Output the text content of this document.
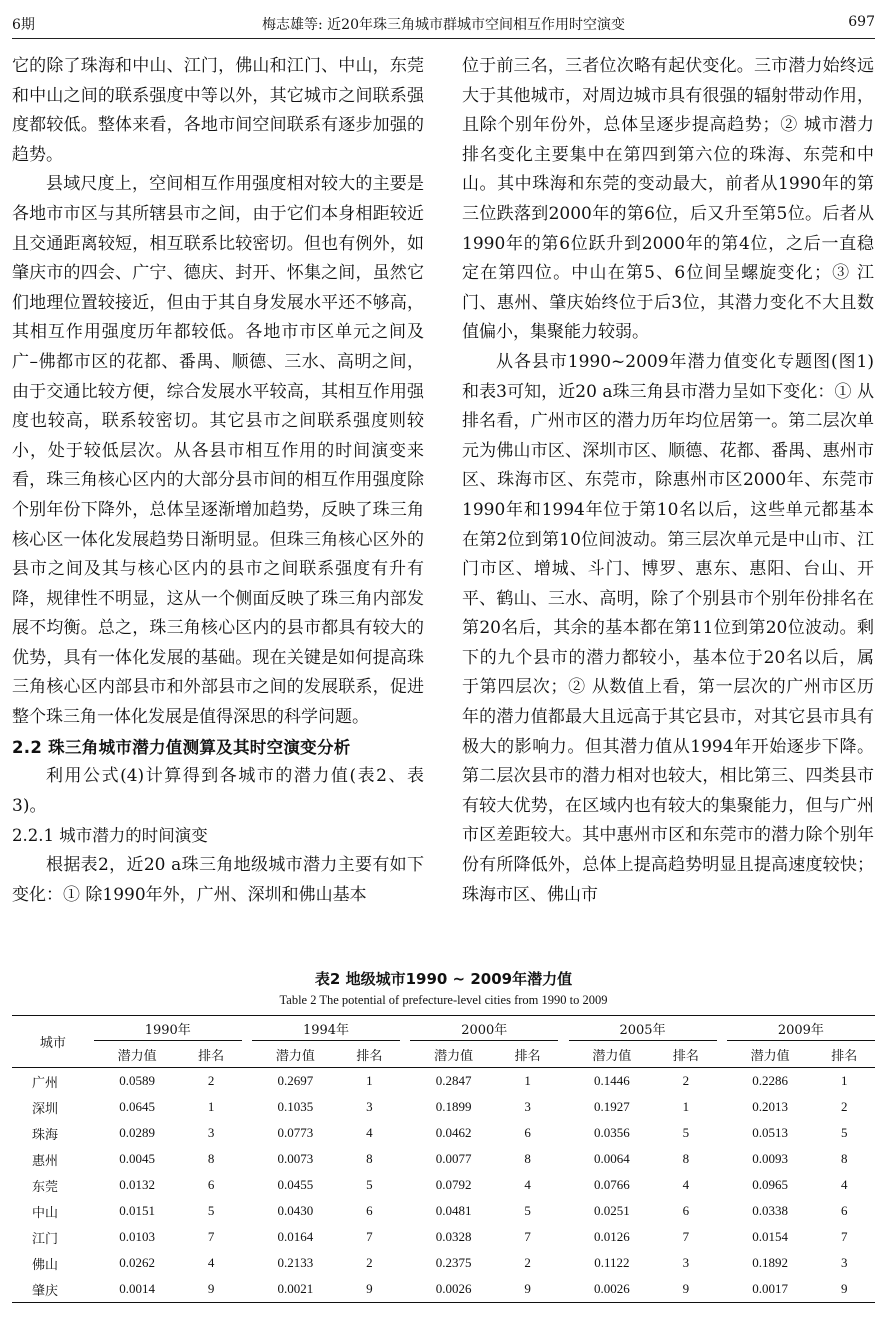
6期	梅志雄等: 近20年珠三角城市群城市空间相互作用时空演变	697

它的除了珠海和中山、江门，佛山和江门、中山，东莞和中山之间的联系强度中等以外，其它城市之间联系强度都较低。整体来看，各地市间空间联系有逐步加强的趋势。

县域尺度上，空间相互作用强度相对较大的主要是各地市市区与其所辖县市之间，由于它们本身相距较近且交通距离较短，相互联系比较密切。但也有例外，如肇庆市的四会、广宁、德庆、封开、怀集之间，虽然它们地理位置较接近，但由于其自身发展水平还不够高，其相互作用强度历年都较低。各地市市区单元之间及广–佛都市区的花都、番禺、顺德、三水、高明之间，由于交通比较方便，综合发展水平较高，其相互作用强度也较高，联系较密切。其它县市之间联系强度则较小，处于较低层次。从各县市相互作用的时间演变来看，珠三角核心区内的大部分县市间的相互作用强度除个别年份下降外，总体呈逐渐增加趋势，反映了珠三角核心区一体化发展趋势日渐明显。但珠三角核心区外的县市之间及其与核心区内的县市之间联系强度有升有降，规律性不明显，这从一个侧面反映了珠三角内部发展不均衡。总之，珠三角核心区内的县市都具有较大的优势，具有一体化发展的基础。现在关键是如何提高珠三角核心区内部县市和外部县市之间的发展联系，促进整个珠三角一体化发展是值得深思的科学问题。

2.2 珠三角城市潜力值测算及其时空演变分析

利用公式(4)计算得到各城市的潜力值(表2、表3)。

2.2.1 城市潜力的时间演变

根据表2，近20 a珠三角地级城市潜力主要有如下变化：① 除1990年外，广州、深圳和佛山基本

位于前三名，三者位次略有起伏变化。三市潜力始终远大于其他城市，对周边城市具有很强的辐射带动作用，且除个别年份外，总体呈逐步提高趋势；② 城市潜力排名变化主要集中在第四到第六位的珠海、东莞和中山。其中珠海和东莞的变动最大，前者从1990年的第三位跌落到2000年的第6位，后又升至第5位。后者从1990年的第6位跃升到2000年的第4位，之后一直稳定在第四位。中山在第5、6位间呈螺旋变化；③ 江门、惠州、肇庆始终位于后3位，其潜力变化不大且数值偏小，集聚能力较弱。

从各县市1990~2009年潜力值变化专题图(图1)和表3可知，近20 a珠三角县市潜力呈如下变化：① 从排名看，广州市区的潜力历年均位居第一。第二层次单元为佛山市区、深圳市区、顺德、花都、番禺、惠州市区、珠海市区、东莞市，除惠州市区2000年、东莞市1990年和1994年位于第10名以后，这些单元都基本在第2位到第10位间波动。第三层次单元是中山市、江门市区、增城、斗门、博罗、惠东、惠阳、台山、开平、鹤山、三水、高明，除了个别县市个别年份排名在第20名后，其余的基本都在第11位到第20位波动。剩下的九个县市的潜力都较小，基本位于20名以后，属于第四层次；② 从数值上看，第一层次的广州市区历年的潜力值都最大且远高于其它县市，对其它县市具有极大的影响力。但其潜力值从1994年开始逐步下降。第二层次县市的潜力相对也较大，相比第三、四类县市有较大优势，在区域内也有较大的集聚能力，但与广州市区差距较大。其中惠州市区和东莞市的潜力除个别年份有所降低外，总体上提高趋势明显且提高速度较快；珠海市区、佛山市

表2 地级城市1990 ~ 2009年潜力值
Table 2 The potential of prefecture-level cities from 1990 to 2009
城市	1990年			1994年			2000年			2005年			2009年	
	潜力值	排名		潜力值	排名		潜力值	排名		潜力值	排名		潜力值	排名
广州	0.0589	2		0.2697	1		0.2847	1		0.1446	2		0.2286	1
深圳	0.0645	1		0.1035	3		0.1899	3		0.1927	1		0.2013	2
珠海	0.0289	3		0.0773	4		0.0462	6		0.0356	5		0.0513	5
惠州	0.0045	8		0.0073	8		0.0077	8		0.0064	8		0.0093	8
东莞	0.0132	6		0.0455	5		0.0792	4		0.0766	4		0.0965	4
中山	0.0151	5		0.0430	6		0.0481	5		0.0251	6		0.0338	6
江门	0.0103	7		0.0164	7		0.0328	7		0.0126	7		0.0154	7
佛山	0.0262	4		0.2133	2		0.2375	2		0.1122	3		0.1892	3
肇庆	0.0014	9		0.0021	9		0.0026	9		0.0026	9		0.0017	9
